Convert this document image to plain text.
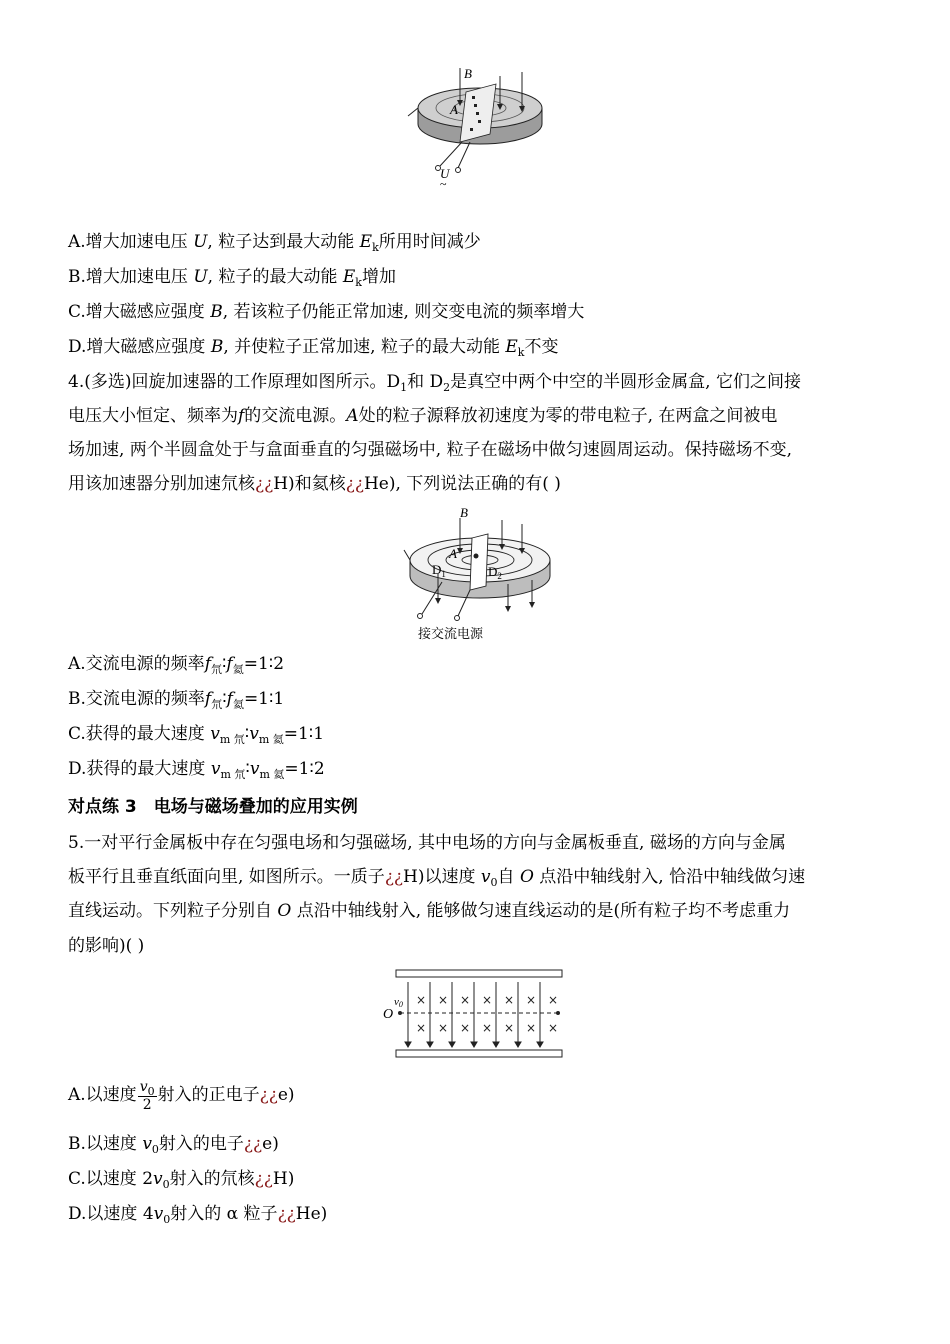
B
A
U
~
A.增大加速电压 U, 粒子达到最大动能 $E_k$所用时间减少
B.增大加速电压 U, 粒子的最大动能 $E_k$增加
C.增大磁感应强度 B, 若该粒子仍能正常加速, 则交变电流的频率增大
D.增大磁感应强度 B, 并使粒子正常加速, 粒子的最大动能 $E_k$不变
4.(多选)回旋加速器的工作原理如图所示。$D_1$和 $D_2$是真空中两个中空的半圆形金属盒, 它们之间接
电压大小恒定、频率为f的交流电源。A处的粒子源释放初速度为零的带电粒子, 在两盒之间被电
场加速, 两个半圆盒处于与盒面垂直的匀强磁场中, 粒子在磁场中做匀速圆周运动。保持磁场不变,
用该加速器分别加速氘核¿¿H)和氦核¿¿He), 下列说法正确的有( )
B
A
$D_1$	$D_2$
接交流电源
A.交流电源的频率$f_氘∶f_氦=1∶2$
B.交流电源的频率$f_氘∶f_氦=1∶1$
C.获得的最大速度 $v_{m 氘}∶v_{m 氦}=1∶1$
D.获得的最大速度 $v_{m 氘}∶v_{m 氦}=1∶2$
对点练 3　电场与磁场叠加的应用实例
5.一对平行金属板中存在匀强电场和匀强磁场, 其中电场的方向与金属板垂直, 磁场的方向与金属
板平行且垂直纸面向里, 如图所示。一质子¿¿H)以速度 $v_0$自 O 点沿中轴线射入, 恰沿中轴线做匀速
直线运动。下列粒子分别自 O 点沿中轴线射入, 能够做匀速直线运动的是(所有粒子均不考虑重力
的影响)( )
× × × × × × ×
× × × × × × ×
O
v0
A.以速度 $\frac{v_0}{2}$ 射入的正电子¿¿e)
B.以速度 $v_0$射入的电子¿¿e)
C.以速度 $2v_0$射入的氘核¿¿H)
D.以速度 $4v_0$射入的 α 粒子¿¿He)
